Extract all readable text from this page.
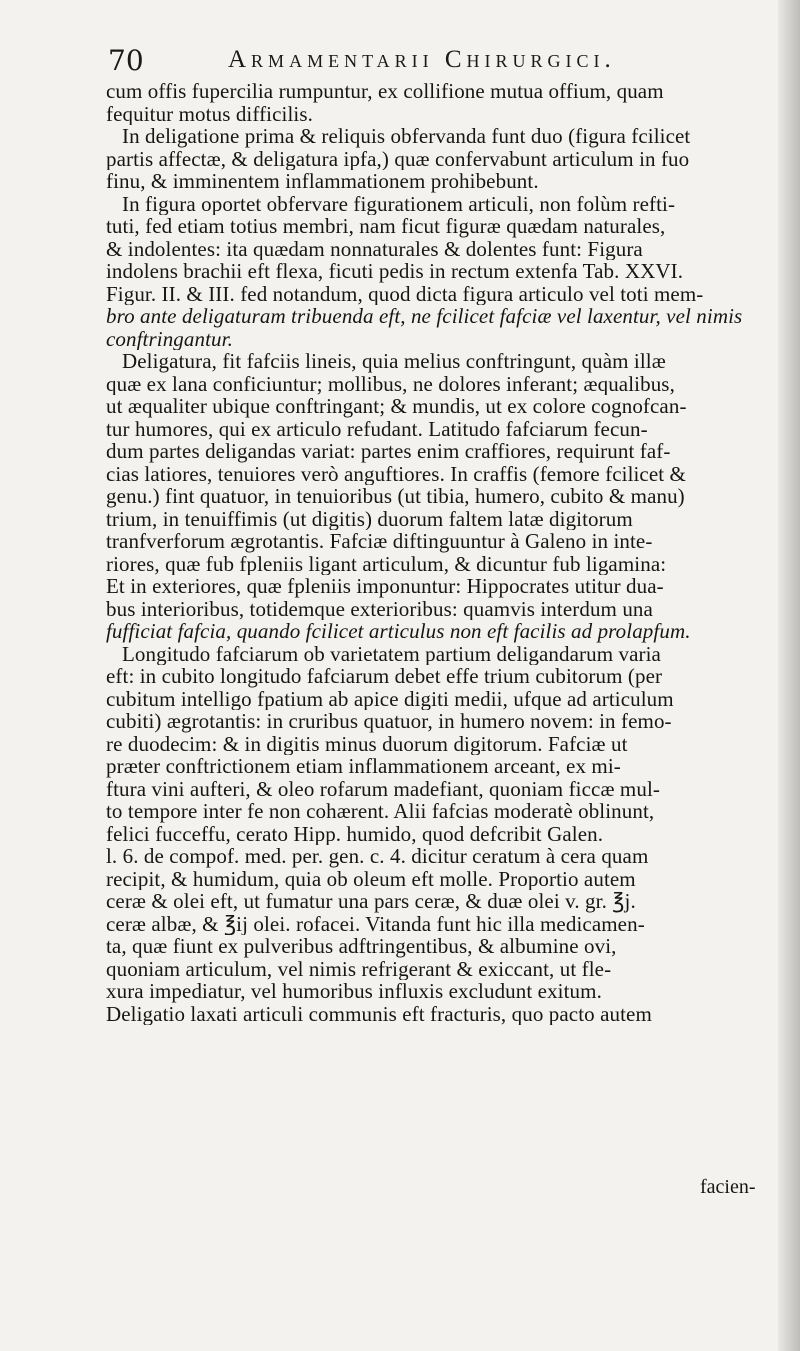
70	Armamentarii Chirurgici.
cum offis fupercilia rumpuntur, ex collifione mutua offium, quam
fequitur motus difficilis.
In deligatione prima & reliquis obfervanda funt duo (figura fcilicet
partis affectæ, & deligatura ipfa,) quæ confervabunt articulum in fuo
finu, & imminentem inflammationem prohibebunt.
In figura oportet obfervare figurationem articuli, non folùm refti-
tuti, fed etiam totius membri, nam ficut figuræ quædam naturales,
& indolentes: ita quædam nonnaturales & dolentes funt: Figura
indolens brachii eft flexa, ficuti pedis in rectum extenfa Tab. XXVI.
Figur. II. & III. fed notandum, quod dicta figura articulo vel toti mem-
bro ante deligaturam tribuenda eft, ne fcilicet fafciæ vel laxentur, vel nimis
conftringantur.
Deligatura, fit fafciis lineis, quia melius conftringunt, quàm illæ
quæ ex lana conficiuntur; mollibus, ne dolores inferant; æqualibus,
ut æqualiter ubique conftringant; & mundis, ut ex colore cognofcan-
tur humores, qui ex articulo refudant. Latitudo fafciarum fecun-
dum partes deligandas variat: partes enim craffiores, requirunt faf-
cias latiores, tenuiores verò anguftiores. In craffis (femore fcilicet &
genu.) fint quatuor, in tenuioribus (ut tibia, humero, cubito & manu)
trium, in tenuiffimis (ut digitis) duorum faltem latæ digitorum
tranfverforum ægrotantis. Fafciæ diftinguuntur à Galeno in inte-
riores, quæ fub fpleniis ligant articulum, & dicuntur fub ligamina:
Et in exteriores, quæ fpleniis imponuntur: Hippocrates utitur dua-
bus interioribus, totidemque exterioribus: quamvis interdum una
fufficiat fafcia, quando fcilicet articulus non eft facilis ad prolapfum.
Longitudo fafciarum ob varietatem partium deligandarum varia
eft: in cubito longitudo fafciarum debet effe trium cubitorum (per
cubitum intelligo fpatium ab apice digiti medii, ufque ad articulum
cubiti) ægrotantis: in cruribus quatuor, in humero novem: in femo-
re duodecim: & in digitis minus duorum digitorum. Fafciæ ut
præter conftrictionem etiam inflammationem arceant, ex mi-
ftura vini aufteri, & oleo rofarum madefiant, quoniam ficcæ mul-
to tempore inter fe non cohærent. Alii fafcias moderatè oblinunt,
felici fucceffu, cerato Hipp. humido, quod defcribit Galen.
l. 6. de compof. med. per. gen. c. 4. dicitur ceratum à cera quam
recipit, & humidum, quia ob oleum eft molle. Proportio autem
ceræ & olei eft, ut fumatur una pars ceræ, & duæ olei v. gr. ℥j.
ceræ albæ, & ℥ij olei. rofacei. Vitanda funt hic illa medicamen-
ta, quæ fiunt ex pulveribus adftringentibus, & albumine ovi,
quoniam articulum, vel nimis refrigerant & exiccant, ut fle-
xura impediatur, vel humoribus influxis excludunt exitum.
Deligatio laxati articuli communis eft fracturis, quo pacto autem
facien-
